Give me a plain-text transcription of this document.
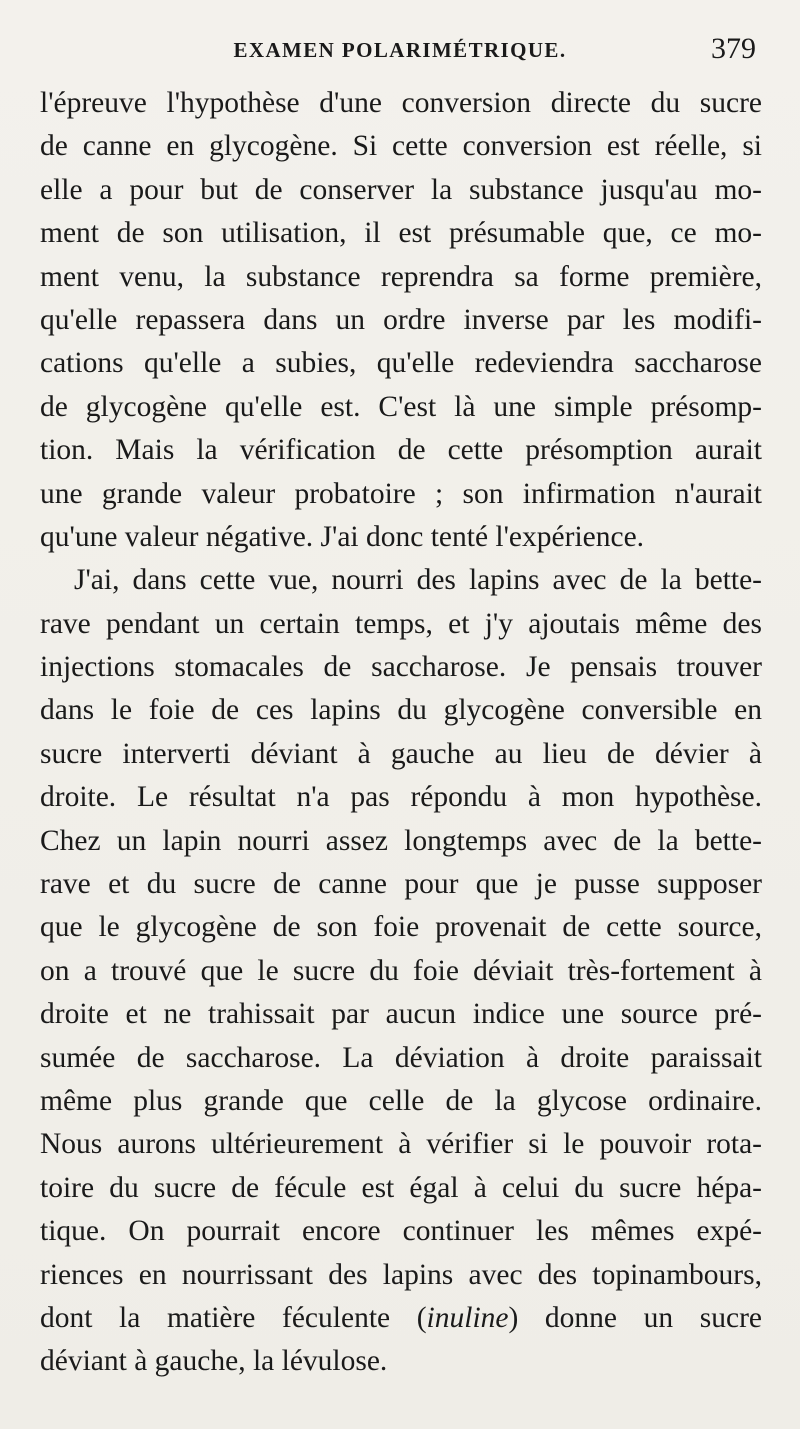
EXAMEN POLARIMÉTRIQUE.	379
l'épreuve l'hypothèse d'une conversion directe du sucre
de canne en glycogène. Si cette conversion est réelle, si
elle a pour but de conserver la substance jusqu'au mo-
ment de son utilisation, il est présumable que, ce mo-
ment venu, la substance reprendra sa forme première,
qu'elle repassera dans un ordre inverse par les modifi-
cations qu'elle a subies, qu'elle redeviendra saccharose
de glycogène qu'elle est. C'est là une simple présomp-
tion. Mais la vérification de cette présomption aurait
une grande valeur probatoire ; son infirmation n'aurait
qu'une valeur négative. J'ai donc tenté l'expérience.
J'ai, dans cette vue, nourri des lapins avec de la bette-
rave pendant un certain temps, et j'y ajoutais même des
injections stomacales de saccharose. Je pensais trouver
dans le foie de ces lapins du glycogène conversible en
sucre interverti déviant à gauche au lieu de dévier à
droite. Le résultat n'a pas répondu à mon hypothèse.
Chez un lapin nourri assez longtemps avec de la bette-
rave et du sucre de canne pour que je pusse supposer
que le glycogène de son foie provenait de cette source,
on a trouvé que le sucre du foie déviait très-fortement à
droite et ne trahissait par aucun indice une source pré-
sumée de saccharose. La déviation à droite paraissait
même plus grande que celle de la glycose ordinaire.
Nous aurons ultérieurement à vérifier si le pouvoir rota-
toire du sucre de fécule est égal à celui du sucre hépa-
tique. On pourrait encore continuer les mêmes expé-
riences en nourrissant des lapins avec des topinambours,
dont la matière féculente (inuline) donne un sucre
déviant à gauche, la lévulose.
